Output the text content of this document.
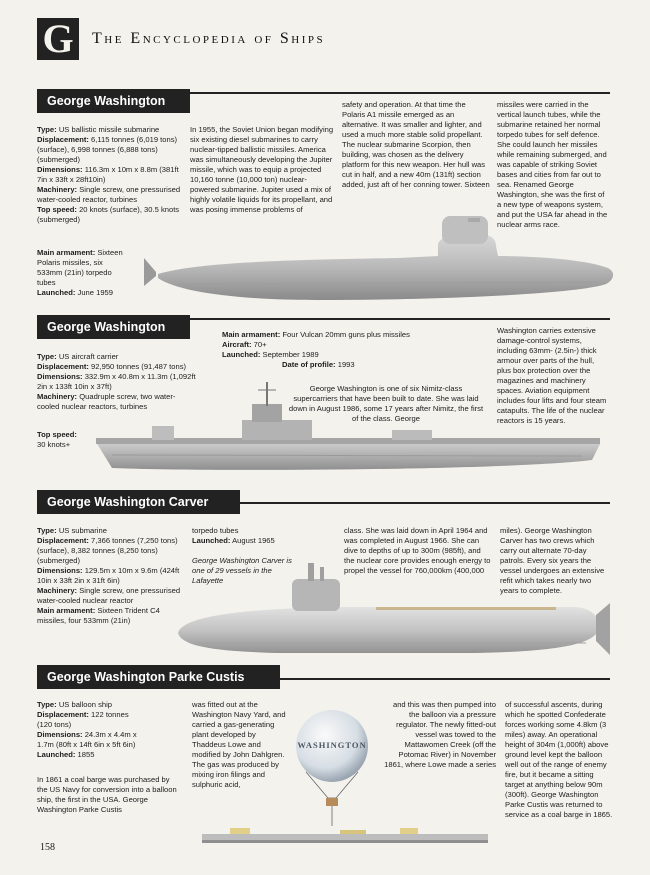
G	The Encyclopedia of Ships
George Washington

Type: US ballistic missile submarine

Displacement: 6,115 tonnes (6,019 tons) (surface), 6,998 tonnes (6,888 tons) (submerged)

Dimensions: 116.3m x 10m x 8.8m (381ft 7in x 33ft x 28ft10in)

Machinery: Single screw, one pressurised water-cooled reactor, turbines

Top speed: 20 knots (surface), 30.5 knots (submerged)

Main armament: Sixteen Polaris missiles, six 533mm (21in) torpedo tubes

Launched: June 1959

In 1955, the Soviet Union began modifying six existing diesel submarines to carry nuclear-tipped ballistic missiles. America was simultaneously developing the Jupiter missile, which was to equip a projected 10,160 tonne (10,000 ton) nuclear-powered submarine. Jupiter used a mix of highly volatile liquids for its propellant, and was posing immense problems of
safety and operation. At that time the Polaris A1 missile emerged as an alternative. It was smaller and lighter, and used a much more stable solid propellant. The nuclear submarine Scorpion, then building, was chosen as the delivery platform for this new weapon. Her hull was cut in half, and a new 40m (131ft) section added, just aft of her conning tower. Sixteen
missiles were carried in the vertical launch tubes, while the submarine retained her normal torpedo tubes for self defence. She could launch her missiles while remaining submerged, and was capable of striking Soviet bases and cities from far out to sea. Renamed George Washington, she was the first of a new type of weapons system, and put the USA far ahead in the nuclear arms race.
George Washington

Type: US aircraft carrier

Displacement: 92,950 tonnes (91,487 tons)

Dimensions: 332.9m x 40.8m x 11.3m (1,092ft 2in x 133ft 10in x 37ft)

Machinery: Quadruple screw, two water-cooled nuclear reactors, turbines

Top speed: 30 knots+

Main armament: Four Vulcan 20mm guns plus missiles

Aircraft: 70+

Launched: September 1989

Date of profile: 1993

George Washington is one of six Nimitz-class supercarriers that have been built to date. She was laid down in August 1986, some 17 years after Nimitz, the first of the class. George
Washington carries extensive damage-control systems, including 63mm- (2.5in-) thick armour over parts of the hull, plus box protection over the magazines and machinery spaces. Aviation equipment includes four lifts and four steam catapults. The life of the nuclear reactors is 15 years.
George Washington Carver

Type: US submarine

Displacement: 7,366 tonnes (7,250 tons) (surface), 8,382 tonnes (8,250 tons) (submerged)

Dimensions: 129.5m x 10m x 9.6m (424ft 10in x 33ft 2in x 31ft 6in)

Machinery: Single screw, one pressurised water-cooled nuclear reactor

Main armament: Sixteen Trident C4 missiles, four 533mm (21in)

torpedo tubes

Launched: August 1965

George Washington Carver is one of 29 vessels in the Lafayette

class. She was laid down in April 1964 and was completed in August 1966. She can dive to depths of up to 300m (985ft), and the nuclear core provides enough energy to propel the vessel for 760,000km (400,000
miles). George Washington Carver has two crews which carry out alternate 70-day patrols. Every six years the vessel undergoes an extensive refit which takes nearly two years to complete.
George Washington Parke Custis

Type: US balloon ship

Displacement: 122 tonnes (120 tons)

Dimensions: 24.3m x 4.4m x 1.7m (80ft x 14ft 6in x 5ft 6in)

Launched: 1855

In 1861 a coal barge was purchased by the US Navy for conversion into a balloon ship, the first in the USA. George Washington Parke Custis
was fitted out at the Washington Navy Yard, and carried a gas-generating plant developed by Thaddeus Lowe and modified by John Dahlgren. The gas was produced by mixing iron filings and sulphuric acid,
and this was then pumped into the balloon via a pressure regulator. The newly fitted-out vessel was towed to the Mattawomen Creek (off the Potomac River) in November 1861, where Lowe made a series
of successful ascents, during which he spotted Confederate forces working some 4.8km (3 miles) away. An operational height of 304m (1,000ft) above ground level kept the balloon well out of the range of enemy fire, but it became a sitting target at anything below 90m (300ft). George Washington Parke Custis was returned to service as a coal barge in 1865.
WASHINGTON
158
